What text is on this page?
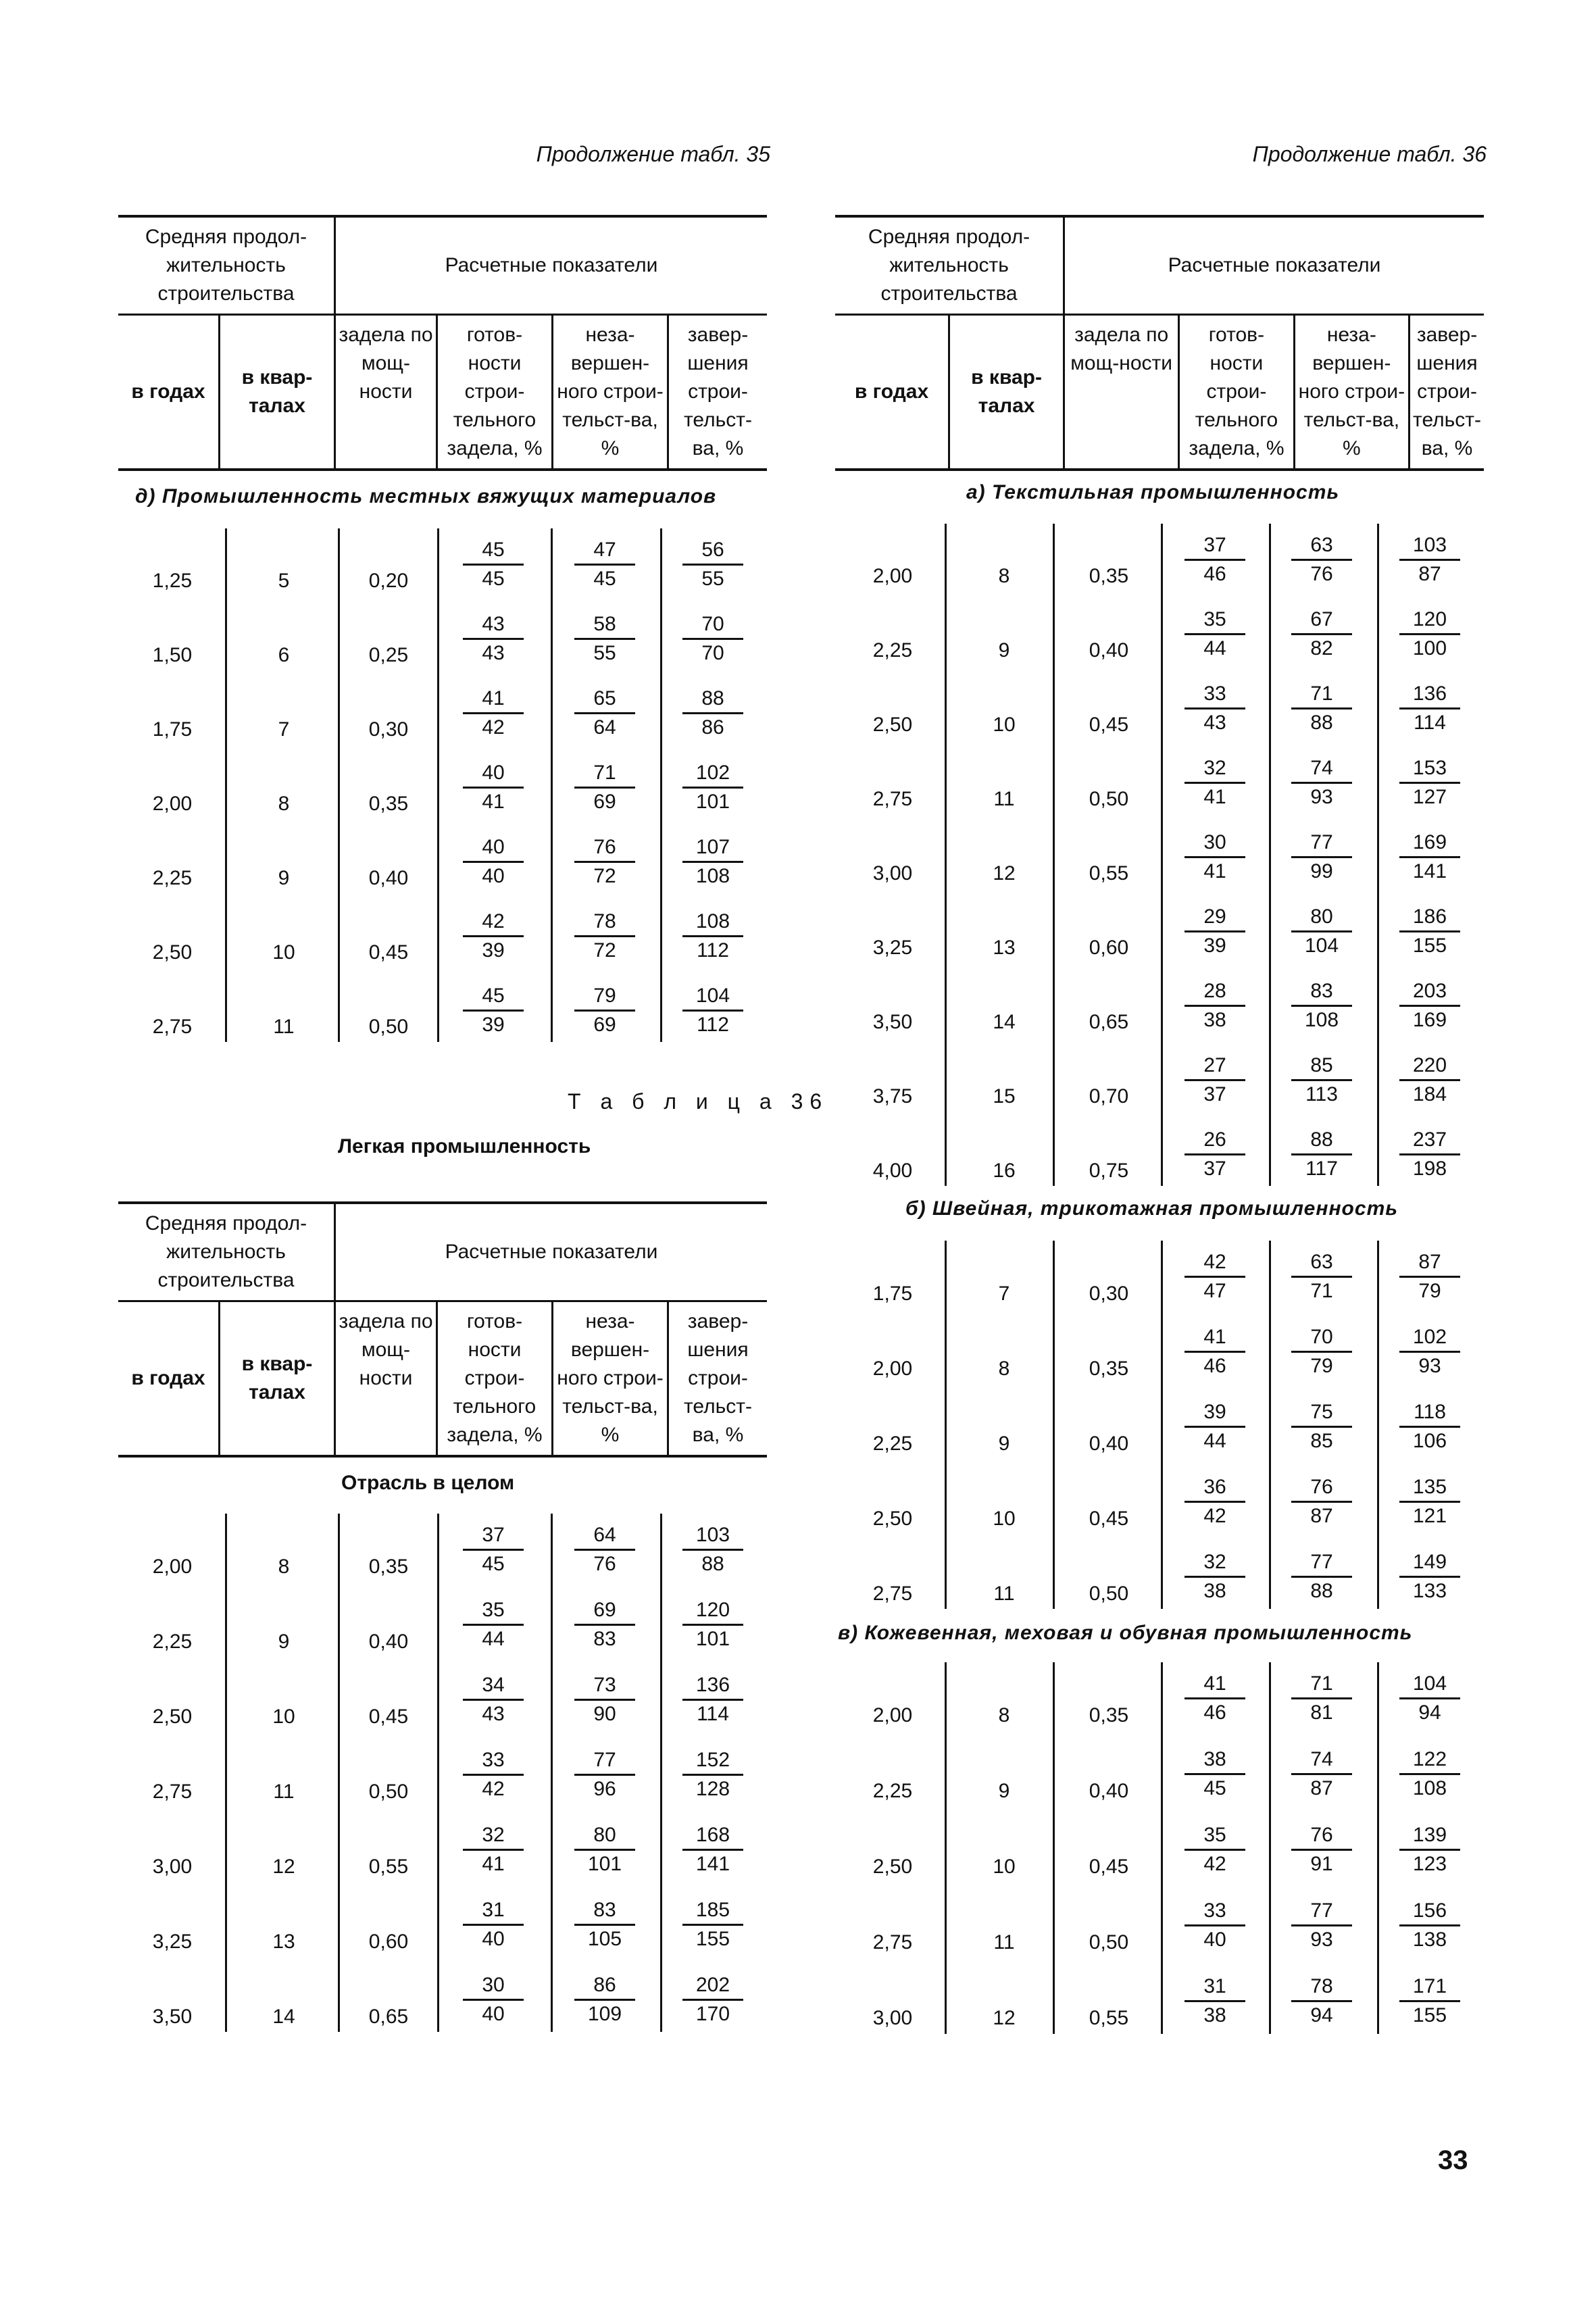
Продолжение табл. 35	Продолжение табл. 36
Средняя продол-жительность строительства		Расчетные показатели			
в годах	в квар-талах	задела по мощ-ности	готов-ности строи-тельного задела, %	неза-вершен-ного строи-тельст-ва, %	завер-шения строи-тельст-ва, %
д) Промышленность местных вяжущих материалов
1,25	5	0,20	$\frac{45}{45}$	$\frac{47}{45} \frac{56}{55}$
1,50	6	0,25	$\frac{43}{43}$	$\frac{58}{55} \frac{70}{70}$
1,75	7	0,30	$\frac{41}{42}$	$\frac{65}{64} \frac{88}{86}$
2,00	8	0,35	$\frac{40}{41}$	$\frac{71}{69} \frac{102}{101}$
2,25	9	0,40	$\frac{40}{40}$	$\frac{76}{72} \frac{107}{108}$
2,50	10	0,45	$\frac{42}{39}$	$\frac{78}{72} \frac{108}{112}$
2,75	11	0,50	$\frac{45}{39}$	$\frac{79}{69} \frac{104}{112}$
Т а б л и ц а 36
Легкая промышленность
Средняя продол-жительность строительства		Расчетные показатели			
в годах	в квар-талах	задела по мощ-ности	готов-ности строи-тельного задела, %	неза-вершен-ного строи-тельст-ва, %	завер-шения строи-тельст-ва, %
Отрасль в целом
2,00	8	0,35	$\frac{37}{45}$	$\frac{64}{76} \frac{103}{88}$
2,25	9	0,40	$\frac{35}{44}$	$\frac{69}{83} \frac{120}{101}$
2,50	10	0,45	$\frac{34}{43}$	$\frac{73}{90} \frac{136}{114}$
2,75	11	0,50	$\frac{33}{42}$	$\frac{77}{96} \frac{152}{128}$
3,00	12	0,55	$\frac{32}{41}$	$\frac{80}{101} \frac{168}{141}$
3,25	13	0,60	$\frac{31}{40}$	$\frac{83}{105} \frac{185}{155}$
3,50	14	0,65	$\frac{30}{40}$	$\frac{86}{109} \frac{202}{170}$
Средняя продол-жительность строительства		Расчетные показатели			
в годах	в квар-талах	задела по мощ-ности	готов-ности строи-тельного задела, %	неза-вершен-ного строи-тельст-ва, %	завер-шения строи-тельст-ва, %
а) Текстильная промышленность
2,00	8	0,35	$\frac{37}{46} \frac{63}{76} \frac{103}{87}$
2,25	9	0,40	$\frac{35}{44} \frac{67}{82} \frac{120}{100}$
2,50	10	0,45	$\frac{33}{43} \frac{71}{88} \frac{136}{114}$
2,75	11	0,50	$\frac{32}{41} \frac{74}{93} \frac{153}{127}$
3,00	12	0,55	$\frac{30}{41} \frac{77}{99} \frac{169}{141}$
3,25	13	0,60	$\frac{29}{39} \frac{80}{104} \frac{186}{155}$
3,50	14	0,65	$\frac{28}{38} \frac{83}{108} \frac{203}{169}$
3,75	15	0,70	$\frac{27}{37} \frac{85}{113} \frac{220}{184}$
4,00	16	0,75	$\frac{26}{37} \frac{88}{117} \frac{237}{198}$
б) Швейная, трикотажная промышленность
1,75	7	0,30	$\frac{42}{47} \frac{63}{71} \frac{87}{79}$
2,00	8	0,35	$\frac{41}{46} \frac{70}{79} \frac{102}{93}$
2,25	9	0,40	$\frac{39}{44} \frac{75}{85} \frac{118}{106}$
2,50	10	0,45	$\frac{36}{42} \frac{76}{87} \frac{135}{121}$
2,75	11	0,50	$\frac{32}{38} \frac{77}{88} \frac{149}{133}$
в) Кожевенная, меховая и обувная промышленность
2,00	8	0,35	$\frac{41}{46} \frac{71}{81} \frac{104}{94}$
2,25	9	0,40	$\frac{38}{45} \frac{74}{87} \frac{122}{108}$
2,50	10	0,45	$\frac{35}{42} \frac{76}{91} \frac{139}{123}$
2,75	11	0,50	$\frac{33}{40} \frac{77}{93} \frac{156}{138}$
3,00	12	0,55	$\frac{31}{38} \frac{78}{94} \frac{171}{155}$
33
